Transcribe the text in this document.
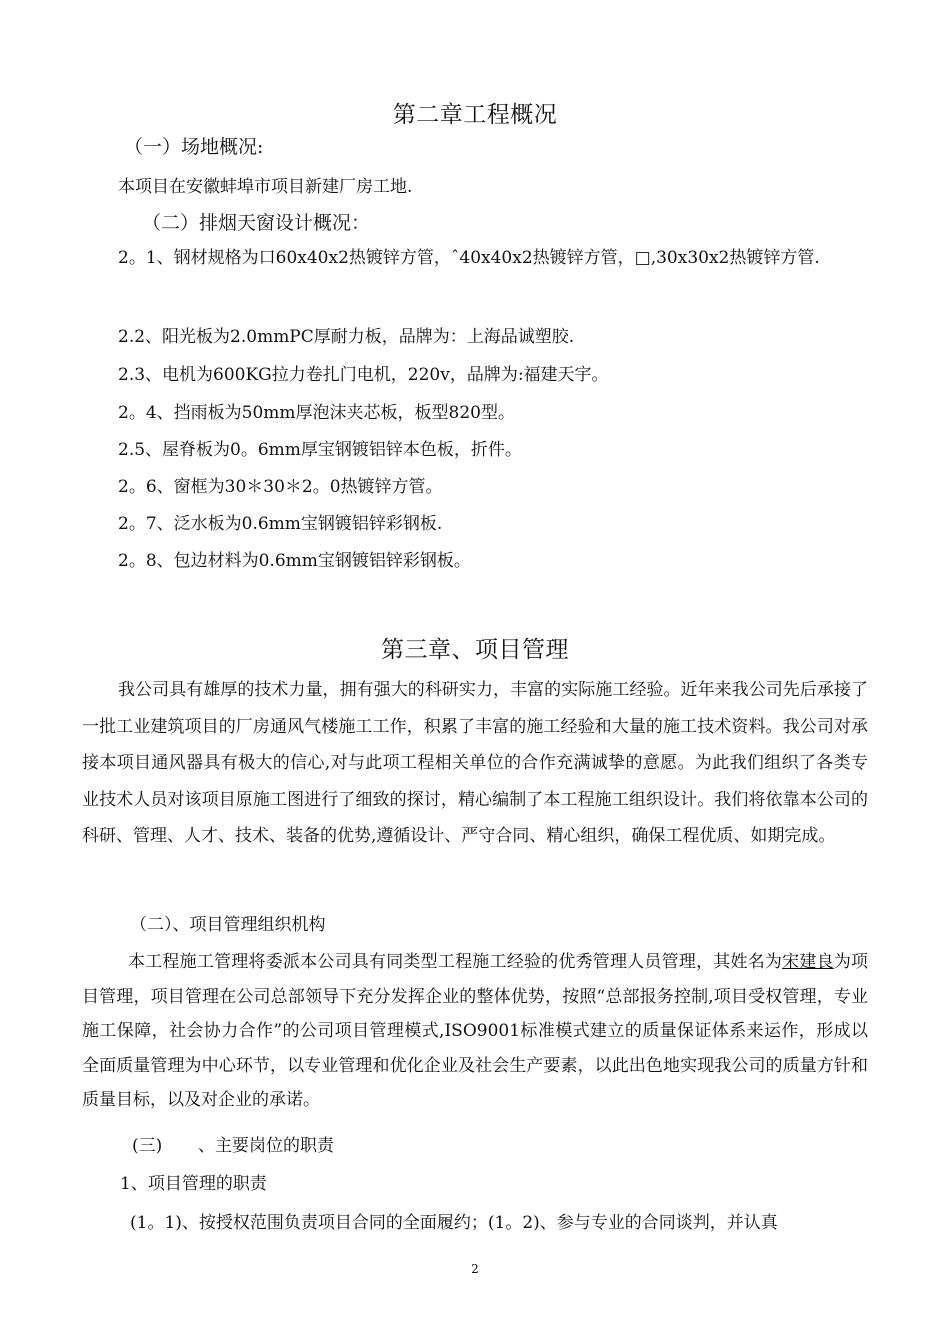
第二章工程概况
（一）场地概况:
本项目在安徽蚌埠市项目新建厂房工地.
（二）排烟天窗设计概况：
2。1、钢材规格为口60x40x2热镀锌方管，ˆ40x40x2热镀锌方管，□,30x30x2热镀锌方管.
2.2、阳光板为2.0mmPC厚耐力板，品牌为：上海品诚塑胶.
2.3、电机为600KG拉力卷扎门电机，220v，品牌为:福建天宇。
2。4、挡雨板为50mm厚泡沫夹芯板，板型820型。
2.5、屋脊板为0。6mm厚宝钢镀铝锌本色板，折件。
2。6、窗框为30＊30＊2。0热镀锌方管。
2。7、泛水板为0.6mm宝钢镀铝锌彩钢板.
2。8、包边材料为0.6mm宝钢镀铝锌彩钢板。
第三章、项目管理
我公司具有雄厚的技术力量，拥有强大的科研实力，丰富的实际施工经验。近年来我公司先后承接了一批工业建筑项目的厂房通风气楼施工工作，积累了丰富的施工经验和大量的施工技术资料。我公司对承接本项目通风器具有极大的信心,对与此项工程相关单位的合作充满诚挚的意愿。为此我们组织了各类专业技术人员对该项目原施工图进行了细致的探讨，精心编制了本工程施工组织设计。我们将依靠本公司的科研、管理、人才、技术、装备的优势,遵循设计、严守合同、精心组织，确保工程优质、如期完成。
（二）、项目管理组织机构
本工程施工管理将委派本公司具有同类型工程施工经验的优秀管理人员管理，其姓名为宋建良为项目管理，项目管理在公司总部领导下充分发挥企业的整体优势，按照“总部报务控制,项目受权管理，专业施工保障，社会协力合作”的公司项目管理模式,ISO9001标准模式建立的质量保证体系来运作，形成以全面质量管理为中心环节，以专业管理和优化企业及社会生产要素，以此出色地实现我公司的质量方针和质量目标，以及对企业的承诺。
(三) 、主要岗位的职责
1、项目管理的职责
(1。1)、按授权范围负责项目合同的全面履约；(1。2)、参与专业的合同谈判，并认真
2
